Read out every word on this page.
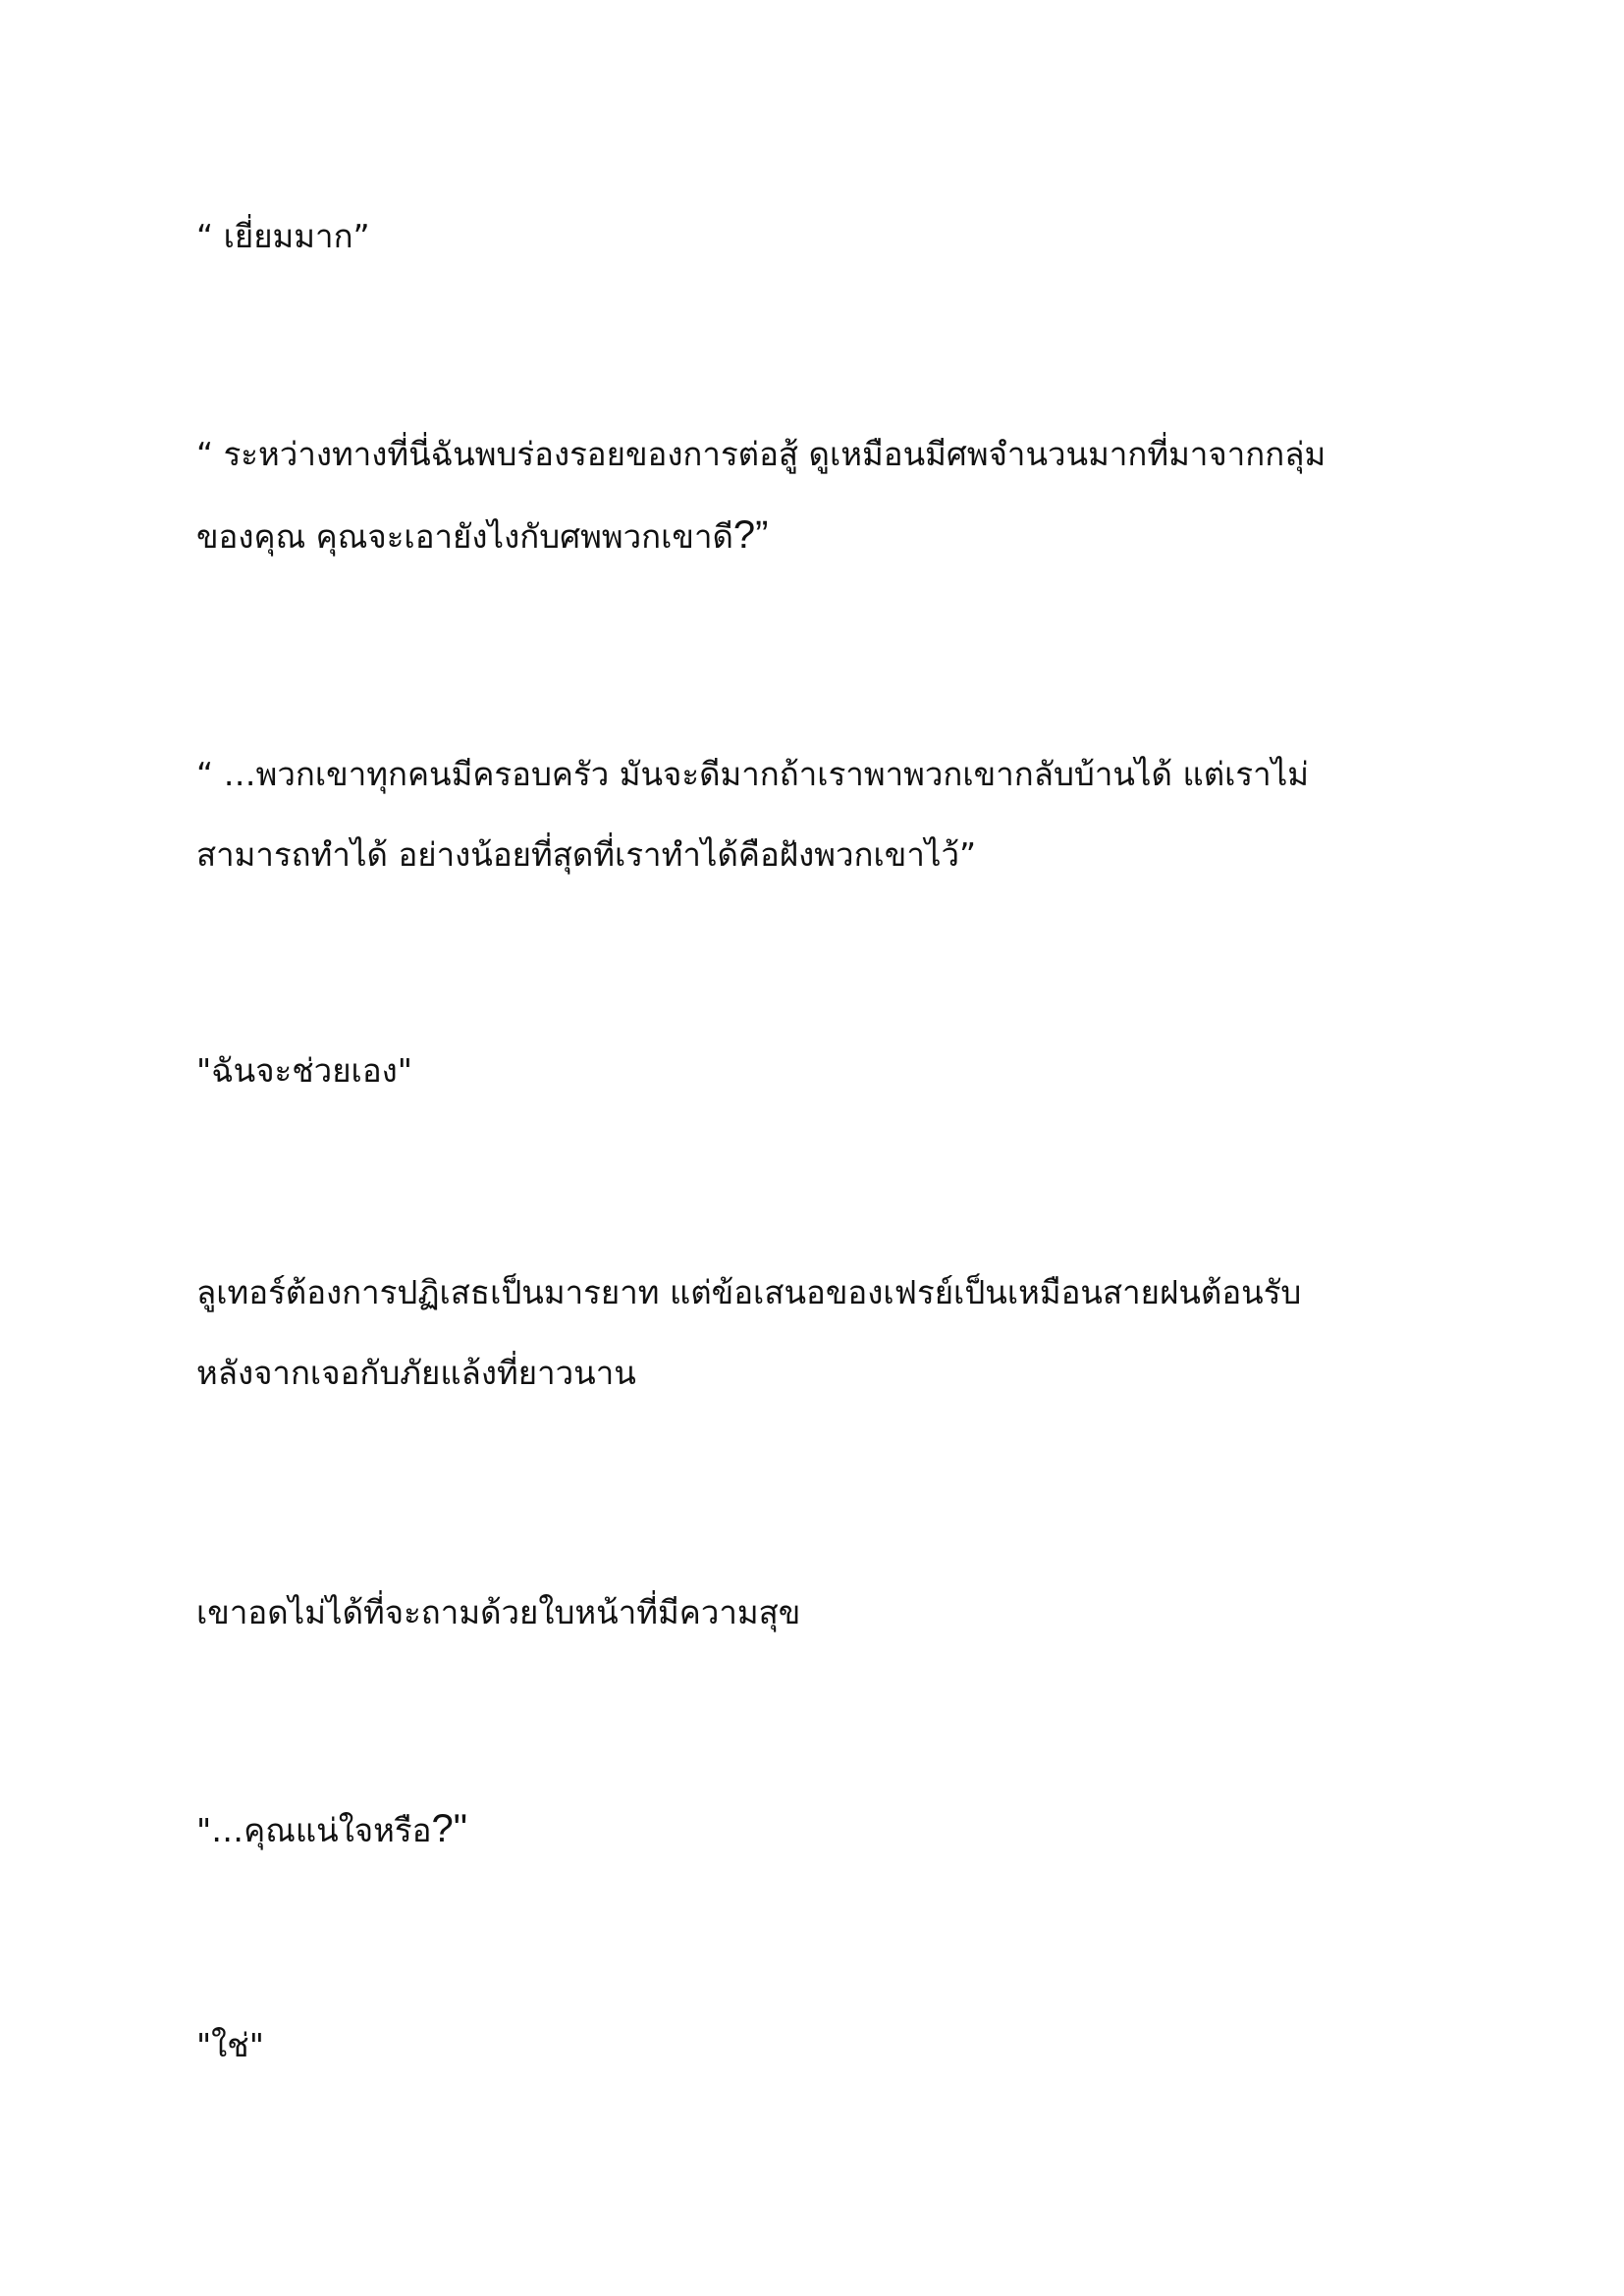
“ เยี่ยมมาก”

“ ระหว่างทางที่นี่ฉันพบร่องรอยของการต่อสู้ ดูเหมือนมีศพจำนวนมากที่มาจากกลุ่ม
ของคุณ คุณจะเอายังไงกับศพพวกเขาดี?”

“ …พวกเขาทุกคนมีครอบครัว มันจะดีมากถ้าเราพาพวกเขากลับบ้านได้ แต่เราไม่
สามารถทำได้ อย่างน้อยที่สุดที่เราทำได้คือฝังพวกเขาไว้”

"ฉันจะช่วยเอง"

ลูเทอร์ต้องการปฏิเสธเป็นมารยาท แต่ข้อเสนอของเฟรย์เป็นเหมือนสายฝนต้อนรับ
หลังจากเจอกับภัยแล้งที่ยาวนาน

เขาอดไม่ได้ที่จะถามด้วยใบหน้าที่มีความสุข

"…คุณแน่ใจหรือ?"

"ใช่"
